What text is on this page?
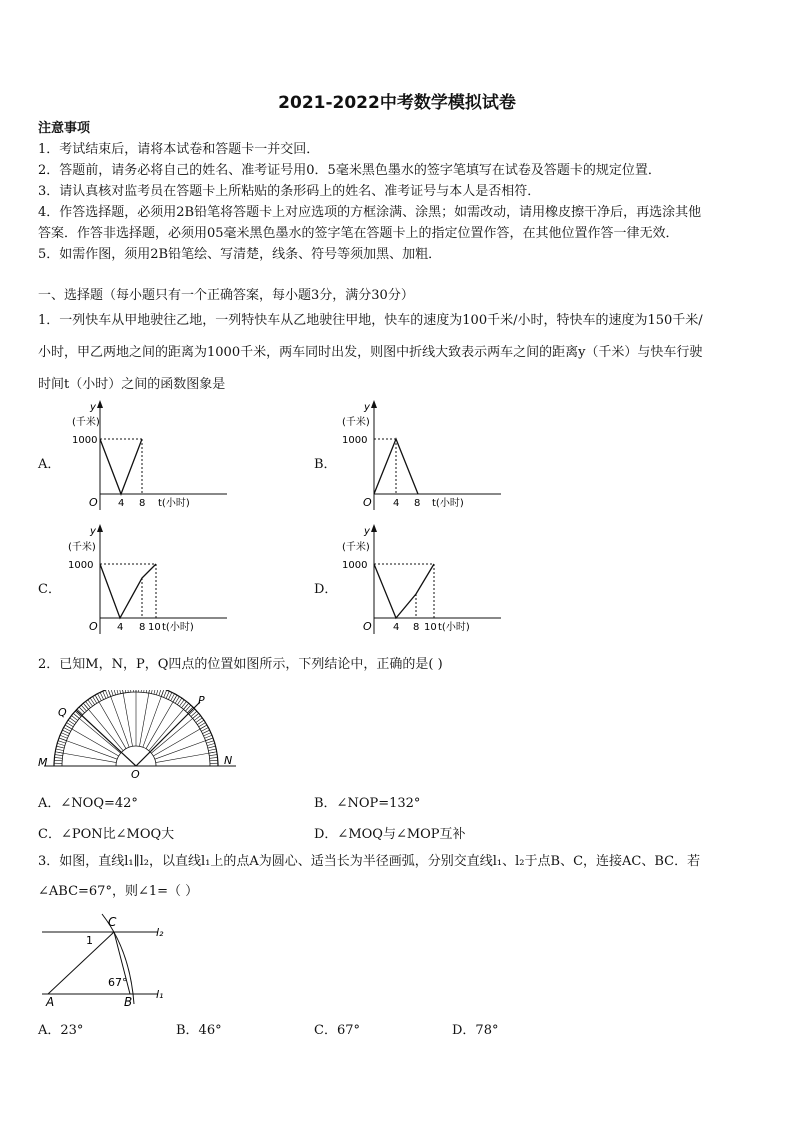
2021-2022中考数学模拟试卷
注意事项
1．考试结束后，请将本试卷和答题卡一并交回．
2．答题前，请务必将自己的姓名、准考证号用0．5毫米黑色墨水的签字笔填写在试卷及答题卡的规定位置．
3．请认真核对监考员在答题卡上所粘贴的条形码上的姓名、准考证号与本人是否相符．
4．作答选择题，必须用2B铅笔将答题卡上对应选项的方框涂满、涂黑；如需改动，请用橡皮擦干净后，再选涂其他
答案．作答非选择题，必须用05毫米黑色墨水的签字笔在答题卡上的指定位置作答，在其他位置作答一律无效．
5．如需作图，须用2B铅笔绘、写清楚，线条、符号等须加黑、加粗．
一、选择题（每小题只有一个正确答案，每小题3分，满分30分）
1．一列快车从甲地驶往乙地，一列特快车从乙地驶往甲地，快车的速度为100千米/小时，特快车的速度为150千米/
小时，甲乙两地之间的距离为1000千米，两车同时出发，则图中折线大致表示两车之间的距离y（千米）与快车行驶
时间t（小时）之间的函数图象是
A．	B．
C．	D．
y
(千米)
1000
O 4 8 t(小时)
y
(千米)
1000
O 4 8 t(小时)
y
(千米)
1000
O 4 8 10 t(小时)
y
(千米)
1000
O 4 8 10 t(小时)
2．已知M，N，P，Q四点的位置如图所示，下列结论中，正确的是( )
Q
P
M	N
O
A．∠NOQ=42°	B．∠NOP=132°
C．∠PON比∠MOQ大	D．∠MOQ与∠MOP互补
3．如图，直线l₁∥l₂，以直线l₁上的点A为圆心、适当长为半径画弧，分别交直线l₁、l₂于点B、C，连接AC、BC．若
∠ABC=67°，则∠1=（ ）
C
A	B
l₂
l₁
1
67°
A．23°	B．46°	C．67°	D．78°
